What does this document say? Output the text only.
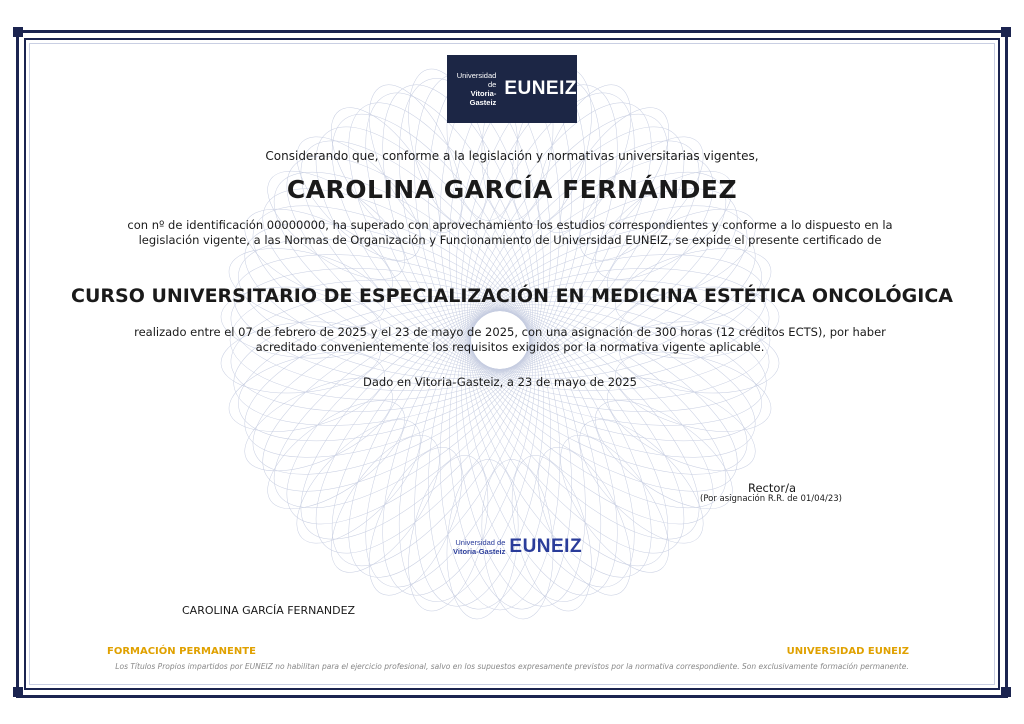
Universidad de
Vitoria-Gasteiz
EUNEIZ
Considerando que, conforme a la legislación y normativas universitarias vigentes,
CAROLINA GARCÍA FERNÁNDEZ
con nº de identificación 00000000, ha superado con aprovechamiento los estudios correspondientes y conforme a lo dispuesto en la legislación vigente, a las Normas de Organización y Funcionamiento de Universidad EUNEIZ, se expide el presente certificado de
CURSO UNIVERSITARIO DE ESPECIALIZACIÓN EN MEDICINA ESTÉTICA ONCOLÓGICA
realizado entre el 07 de febrero de 2025 y el 23 de mayo de 2025, con una asignación de 300 horas (12 créditos ECTS), por haber acreditado convenientemente los requisitos exigidos por la normativa vigente aplicable.
Dado en Vitoria-Gasteiz, a 23 de mayo de 2025
Rector/a
(Por asignación R.R. de 01/04/23)
Universidad de
Vitoria-Gasteiz EUNEIZ
CAROLINA GARCÍA FERNANDEZ
FORMACIÓN PERMANENTE	UNIVERSIDAD EUNEIZ
Los Títulos Propios impartidos por EUNEIZ no habilitan para el ejercicio profesional, salvo en los supuestos expresamente previstos por la normativa correspondiente. Son exclusivamente formación permanente.
